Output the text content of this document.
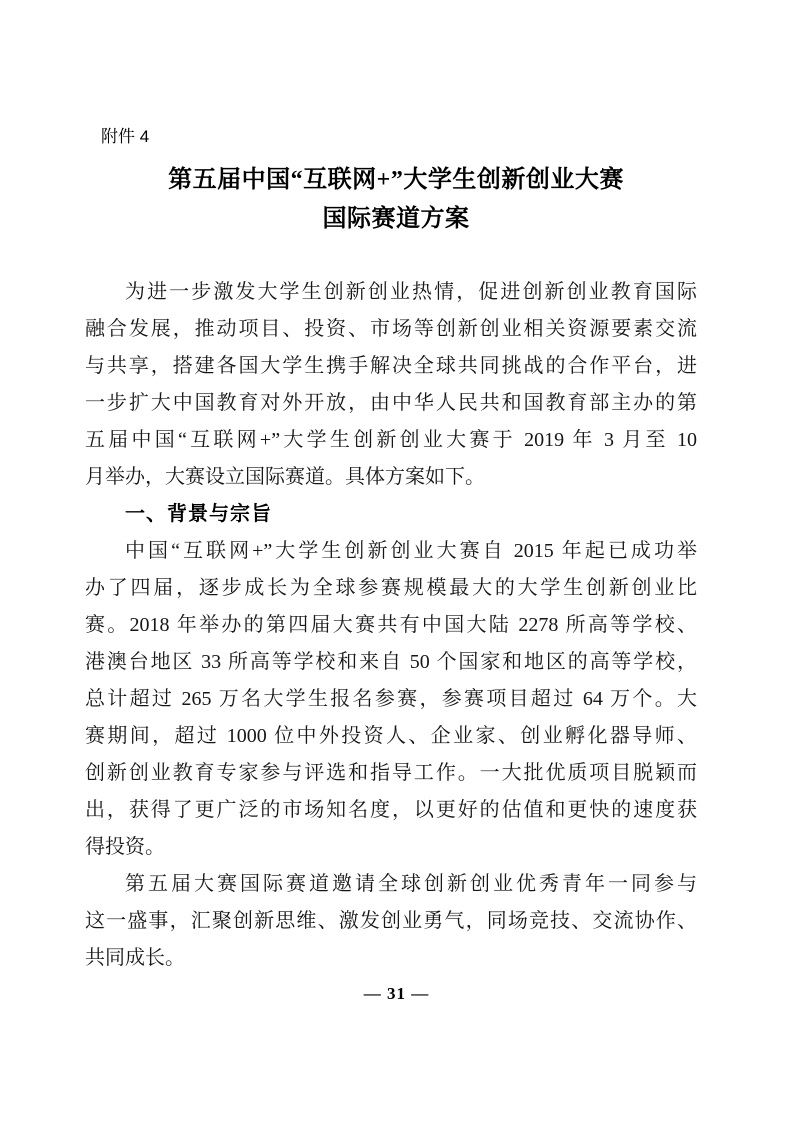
附件 4
第五届中国“互联网+”大学生创新创业大赛
国际赛道方案
为进一步激发大学生创新创业热情，促进创新创业教育国际
融合发展，推动项目、投资、市场等创新创业相关资源要素交流
与共享，搭建各国大学生携手解决全球共同挑战的合作平台，进
一步扩大中国教育对外开放，由中华人民共和国教育部主办的第
五届中国“互联网+”大学生创新创业大赛于 2019 年 3 月至 10
月举办，大赛设立国际赛道。具体方案如下。
一、背景与宗旨
中国“互联网+”大学生创新创业大赛自 2015 年起已成功举
办了四届，逐步成长为全球参赛规模最大的大学生创新创业比
赛。2018 年举办的第四届大赛共有中国大陆 2278 所高等学校、
港澳台地区 33 所高等学校和来自 50 个国家和地区的高等学校，
总计超过 265 万名大学生报名参赛，参赛项目超过 64 万个。大
赛期间，超过 1000 位中外投资人、企业家、创业孵化器导师、
创新创业教育专家参与评选和指导工作。一大批优质项目脱颖而
出，获得了更广泛的市场知名度，以更好的估值和更快的速度获
得投资。
第五届大赛国际赛道邀请全球创新创业优秀青年一同参与
这一盛事，汇聚创新思维、激发创业勇气，同场竞技、交流协作、
共同成长。
— 31 —
